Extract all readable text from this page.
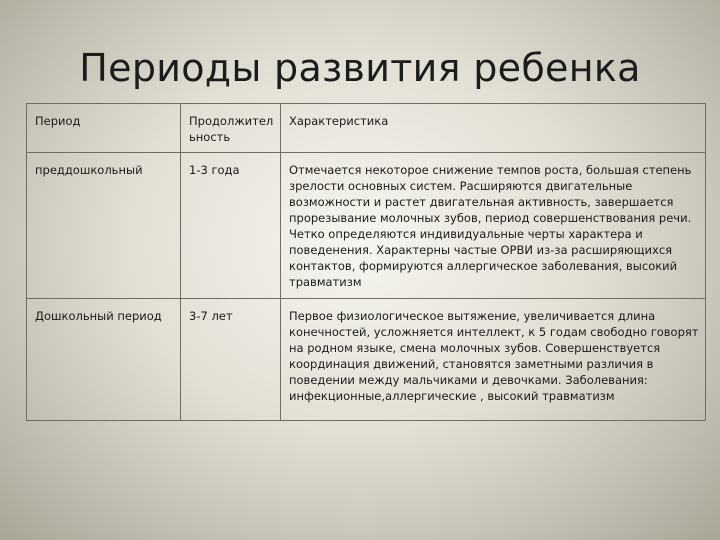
Периоды развития ребенка
Период	Продолжительность	Характеристика
преддошкольный	1-3 года	Отмечается некоторое снижение темпов роста, большая степень зрелости основных систем. Расширяются двигательные возможности и растет двигательная активность, завершается прорезывание молочных зубов, период совершенствования речи. Четко определяются индивидуальные черты характера и поведенения. Характерны частые ОРВИ из-за расширяющихся контактов, формируются аллергическое заболевания, высокий травматизм
Дошкольный период	3-7 лет	Первое физиологическое вытяжение, увеличивается длина конечностей, усложняется интеллект, к 5 годам свободно говорят на родном языке, смена молочных зубов. Совершенствуется координация движений, становятся заметными различия в поведении между мальчиками и девочками. Заболевания: инфекционные,аллергические , высокий травматизм
